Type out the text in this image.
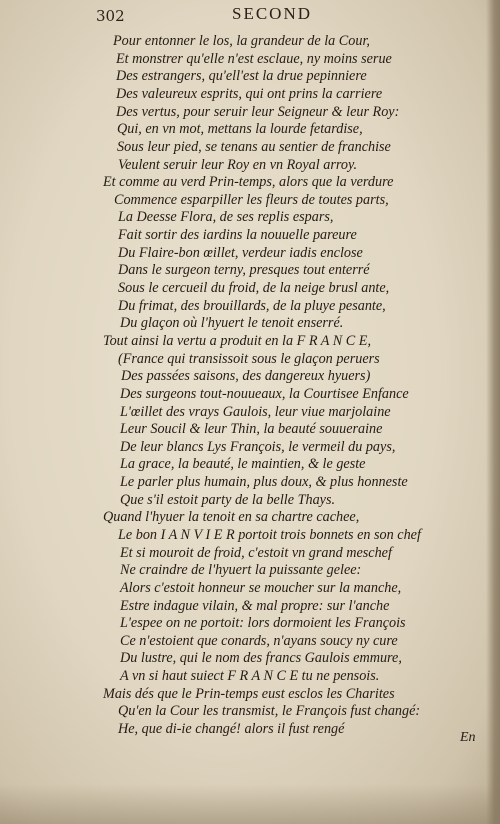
302	SECOND
Pour entonner le los, la grandeur de la Cour,
Et monstrer qu'elle n'est esclaue, ny moins serue
Des estrangers, qu'ell'est la drue pepinniere
Des valeureux esprits, qui ont prins la carriere
Des vertus, pour seruir leur Seigneur & leur Roy:
Qui, en vn mot, mettans la lourde fetardise,
Sous leur pied, se tenans au sentier de franchise
Veulent seruir leur Roy en vn Royal arroy.
Et comme au verd Prin-temps, alors que la verdure
Commence esparpiller les fleurs de toutes parts,
La Deesse Flora, de ses replis espars,
Fait sortir des iardins la nouuelle pareure
Du Flaire-bon œillet, verdeur iadis enclose
Dans le surgeon terny, presques tout enterré
Sous le cercueil du froid, de la neige brusl ante,
Du frimat, des brouillards, de la pluye pesante,
Du glaçon où l'hyuert le tenoit enserré.
Tout ainsi la vertu a produit en la F R A N C E,
(France qui transissoit sous le glaçon peruers
Des passées saisons, des dangereux hyuers)
Des surgeons tout-nouueaux, la Courtisee Enfance
L'œillet des vrays Gaulois, leur viue marjolaine
Leur Soucil & leur Thin, la beauté souueraine
De leur blancs Lys François, le vermeil du pays,
La grace, la beauté, le maintien, & le geste
Le parler plus humain, plus doux, & plus honneste
Que s'il estoit party de la belle Thays.
Quand l'hyuer la tenoit en sa chartre cachee,
Le bon I A N V I E R portoit trois bonnets en son chef
Et si mouroit de froid, c'estoit vn grand meschef
Ne craindre de l'hyuert la puissante gelee:
Alors c'estoit honneur se moucher sur la manche,
Estre indague vilain, & mal propre: sur l'anche
L'espee on ne portoit: lors dormoient les François
Ce n'estoient que conards, n'ayans soucy ny cure
Du lustre, qui le nom des francs Gaulois emmure,
A vn si haut suiect F R A N C E tu ne pensois.
Mais dés que le Prin-temps eust esclos les Charites
Qu'en la Cour les transmist, le François fust changé:
He, que di-ie changé! alors il fust rengé
En
